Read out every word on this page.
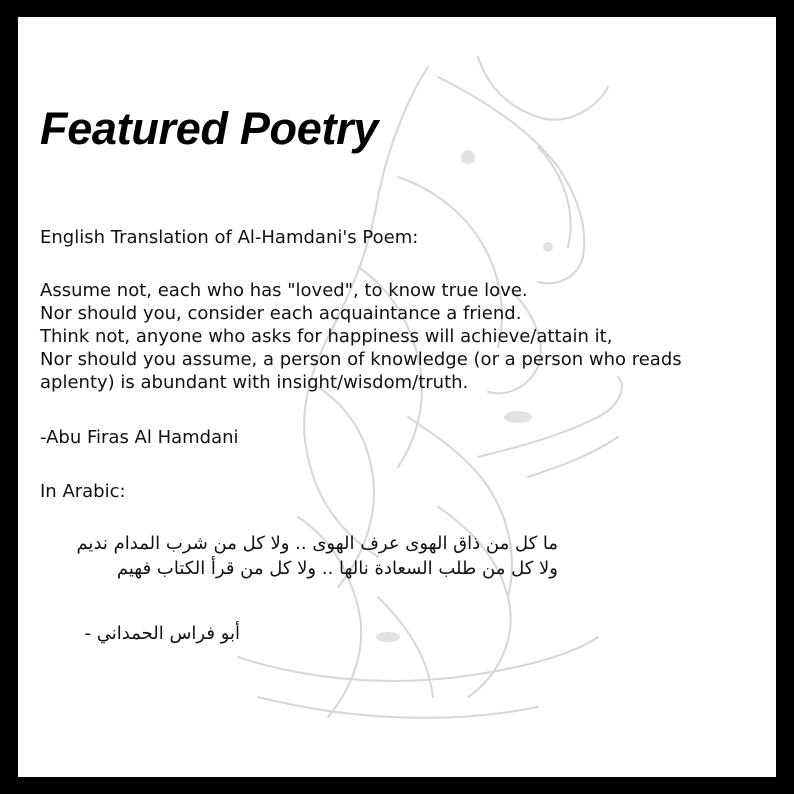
Featured Poetry

English Translation of Al-Hamdani's Poem:

Assume not, each who has "loved", to know true love.

Nor should you, consider each acquaintance a friend.

Think not, anyone who asks for happiness will achieve/attain it,

Nor should you assume, a person of knowledge (or a person who reads

aplenty) is abundant with insight/wisdom/truth.

-Abu Firas Al Hamdani

In Arabic:

ما كل من ذاق الهوى عرف الهوى .. ولا كل من شرب المدام نديم

ولا كل من طلب السعادة نالها .. ولا كل من قرأ الكتاب فهيم

أبو فراس الحمداني -
